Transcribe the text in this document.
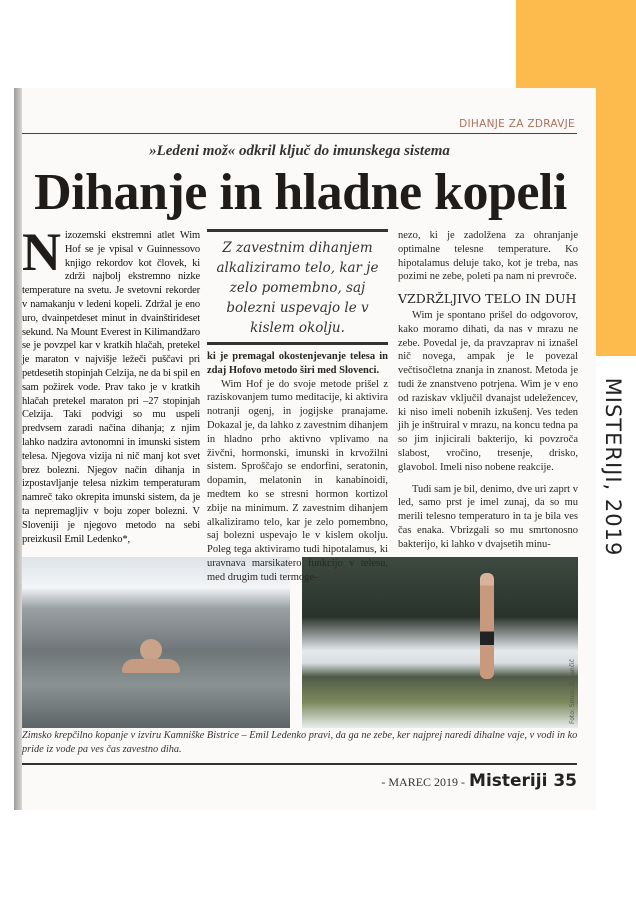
MISTERIJI, 2019
DIHANJE ZA ZDRAVJE
»Ledeni mož« odkril ključ do imunskega sistema
Dihanje in hladne kopeli

Nizozemski ekstremni atlet Wim Hof se je vpisal v Guinnessovo knjigo rekordov kot človek, ki zdrži najbolj ekstremno nizke temperature na svetu. Je svetovni rekorder v namakanju v ledeni kopeli. Zdržal je eno uro, dvainpetdeset minut in dvainštirideset sekund. Na Mount Everest in Kilimandžaro se je povzpel kar v kratkih hlačah, pretekel je maraton v najvišje ležeči puščavi pri petdesetih stopinjah Celzija, ne da bi spil en sam požirek vode. Prav tako je v kratkih hlačah pretekel maraton pri –27 stopinjah Celzija. Taki podvigi so mu uspeli predvsem zaradi načina dihanja; z njim lahko nadzira avtonomni in imunski sistem telesa. Njegova vizija ni nič manj kot svet brez bolezni. Njegov način dihanja in izpostavljanje telesa nizkim temperaturam namreč tako okrepita imunski sistem, da je ta nepremagljiv v boju zoper bolezni. V Sloveniji je njegovo metodo na sebi preizkusil Emil Ledenko*,

Z zavestnim dihanjem alkaliziramo telo, kar je zelo pomembno, saj bolezni uspevajo le v kislem okolju.

ki je premagal okostenjevanje telesa in zdaj Hofovo metodo širi med Slovenci.

Wim Hof je do svoje metode prišel z raziskovanjem tumo meditacije, ki aktivira notranji ogenj, in jogijske pranajame. Dokazal je, da lahko z zavestnim dihanjem in hladno prho aktivno vplivamo na živčni, hormonski, imunski in krvožilni sistem. Sproščajo se endorfini, seratonin, dopamin, melatonin in kanabinoidi, medtem ko se stresni hormon kortizol zbije na minimum. Z zavestnim dihanjem alkaliziramo telo, kar je zelo pomembno, saj bolezni uspevajo le v kislem okolju. Poleg tega aktiviramo tudi hipotalamus, ki uravnava marsikatero funkcijo v telesu, med drugim tudi termoge-

nezo, ki je zadolžena za ohranjanje optimalne telesne temperature. Ko hipotalamus deluje tako, kot je treba, nas pozimi ne zebe, poleti pa nam ni prevroče.

VZDRŽLJIVO TELO IN DUH

Wim je spontano prišel do odgovorov, kako moramo dihati, da nas v mrazu ne zebe. Povedal je, da pravzaprav ni iznašel nič novega, ampak je le povezal večtisočletna znanja in znanost. Metoda je tudi že znanstveno potrjena. Wim je v eno od raziskav vključil dvanajst udeležencev, ki niso imeli nobenih izkušenj. Ves teden jih je inštruiral v mrazu, na koncu tedna pa so jim injicirali bakterijo, ki povzroča slabost, vročino, tresenje, drisko, glavobol. Imeli niso nobene reakcije.

Tudi sam je bil, denimo, dve uri zaprt v led, samo prst je imel zunaj, da so mu merili telesno temperaturo in ta je bila ves čas enaka. Vbrizgali so mu smrtonosno bakterijo, ki lahko v dvajsetih minu-

Foto: Simon Zupančič
Zimsko krepčilno kopanje v izviru Kamniške Bistrice – Emil Ledenko pravi, da ga ne zebe, ker najprej naredi dihalne vaje, v vodi in ko pride iz vode pa ves čas zavestno diha.
- MAREC 2019 - Misteriji 35
